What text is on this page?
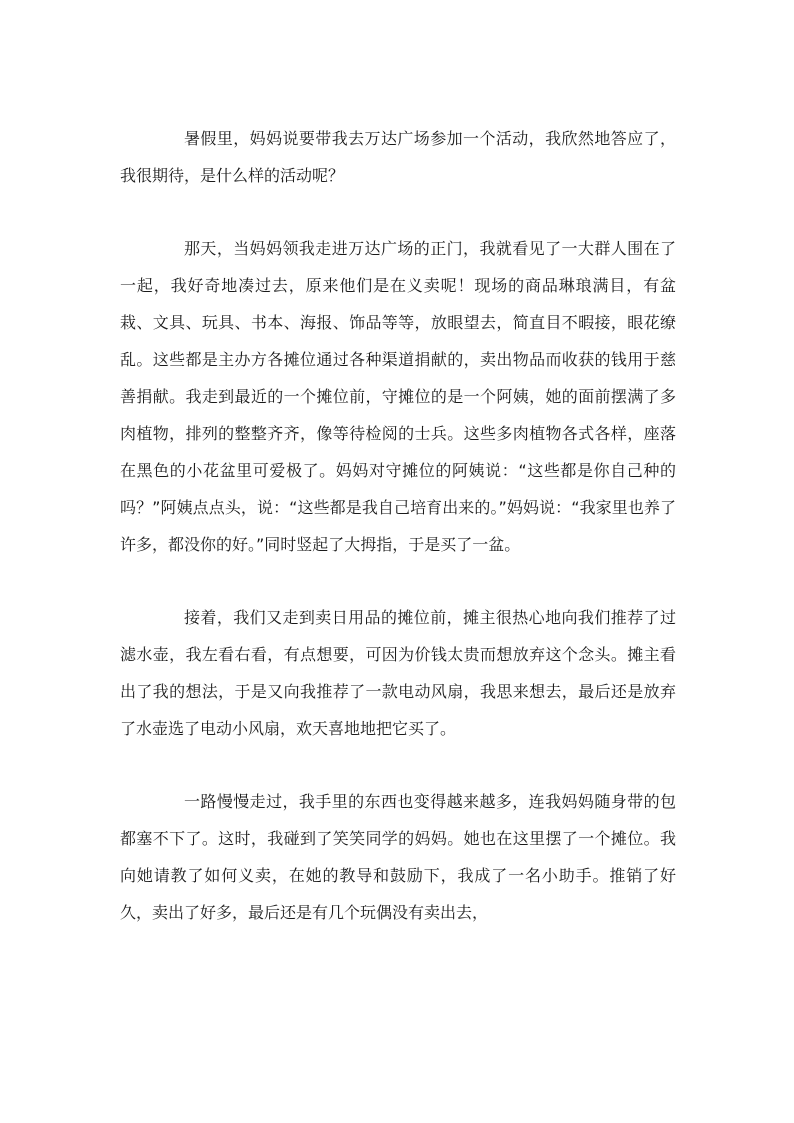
暑假里，妈妈说要带我去万达广场参加一个活动，我欣然地答应了，我很期待，是什么样的活动呢？

那天，当妈妈领我走进万达广场的正门，我就看见了一大群人围在了一起，我好奇地凑过去，原来他们是在义卖呢！现场的商品琳琅满目，有盆栽、文具、玩具、书本、海报、饰品等等，放眼望去，简直目不暇接，眼花缭乱。这些都是主办方各摊位通过各种渠道捐献的，卖出物品而收获的钱用于慈善捐献。我走到最近的一个摊位前，守摊位的是一个阿姨，她的面前摆满了多肉植物，排列的整整齐齐，像等待检阅的士兵。这些多肉植物各式各样，座落在黑色的小花盆里可爱极了。妈妈对守摊位的阿姨说：“这些都是你自己种的吗？”阿姨点点头，说：“这些都是我自己培育出来的。”妈妈说：“我家里也养了许多，都没你的好。”同时竖起了大拇指，于是买了一盆。

接着，我们又走到卖日用品的摊位前，摊主很热心地向我们推荐了过滤水壶，我左看右看，有点想要，可因为价钱太贵而想放弃这个念头。摊主看出了我的想法，于是又向我推荐了一款电动风扇，我思来想去，最后还是放弃了水壶选了电动小风扇，欢天喜地地把它买了。

一路慢慢走过，我手里的东西也变得越来越多，连我妈妈随身带的包都塞不下了。这时，我碰到了笑笑同学的妈妈。她也在这里摆了一个摊位。我向她请教了如何义卖，在她的教导和鼓励下，我成了一名小助手。推销了好久，卖出了好多，最后还是有几个玩偶没有卖出去，
